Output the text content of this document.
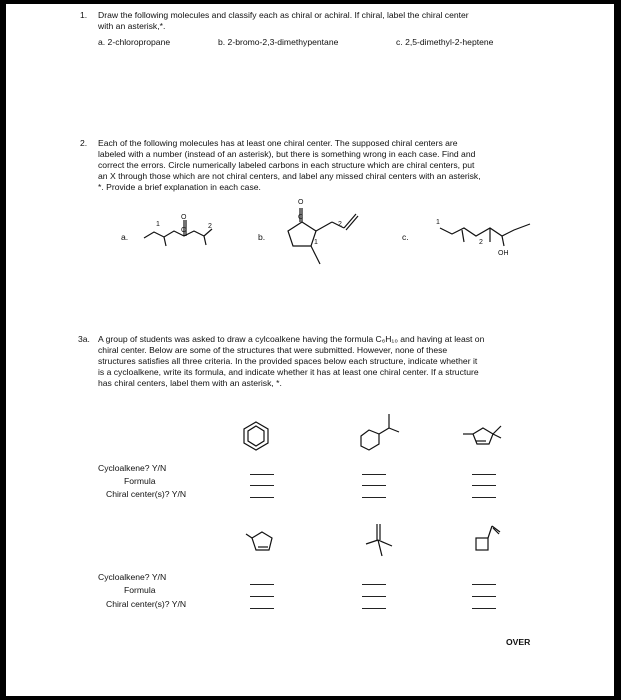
1. Draw the following molecules and classify each as chiral or achiral. If chiral, label the chiral center
with an asterisk,*.
a. 2-chloropropane	b. 2-bromo-2,3-dimethypentane	c. 2,5-dimethyl-2-heptene
2. Each of the following molecules has at least one chiral center. The supposed chiral centers are
labeled with a number (instead of an asterisk), but there is something wrong in each case. Find and
correct the errors. Circle numerically labeled carbons in each structure which are chiral centers, put
an X through those which are not chiral centers, and label any missed chiral centers with an asterisk,
*. Provide a brief explanation in each case.
a.	b.	c.
O
C
1	2
O
C
1
2	1
2
OH
3a. A group of students was asked to draw a cylcoalkene having the formula C₆H₁₀ and having at least on
chiral center. Below are some of the structures that were submitted. However, none of these
structures satisfies all three criteria. In the provided spaces below each structure, indicate whether it
is a cycloalkene, write its formula, and indicate whether it has at least one chiral center. If a structure
has chiral centers, label them with an asterisk, *.
Cycloalkene? Y/N
Formula
Chiral center(s)? Y/N
Cycloalkene? Y/N
Formula
Chiral center(s)? Y/N
OVER
